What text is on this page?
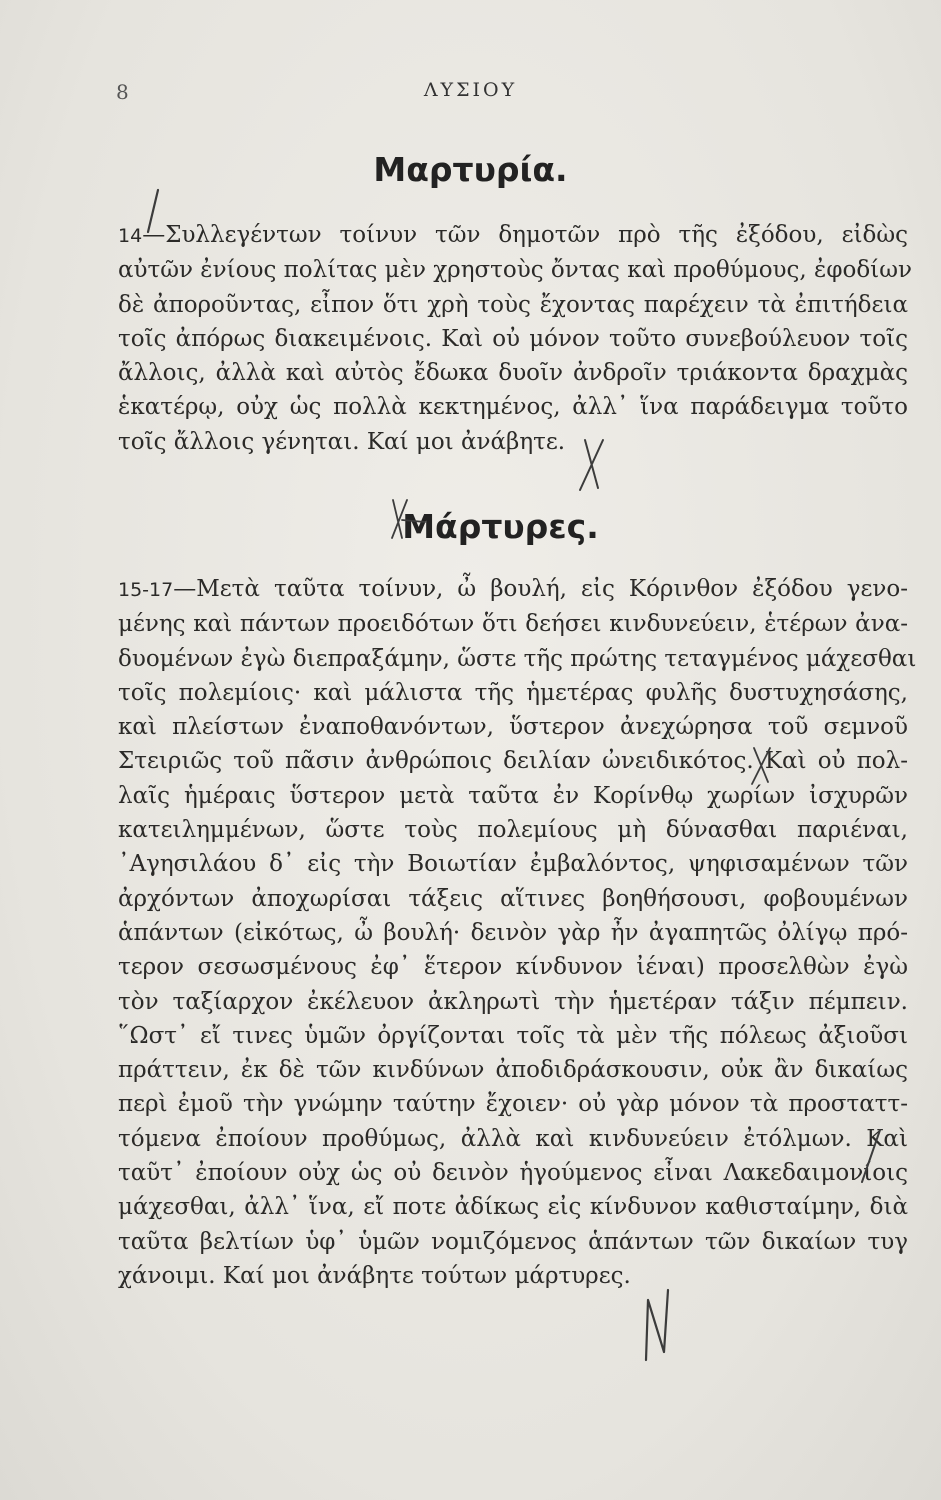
8	ΛΥΣΙΟΥ
Μαρτυρία.
14—Συλλεγέντων τοίνυν τῶν δημοτῶν πρὸ τῆς ἐξόδου, εἰδὼς
αὐτῶν ἐνίους πολίτας μὲν χρηστοὺς ὄντας καὶ προθύμους, ἐφοδίων
δὲ ἀποροῦντας, εἶπον ὅτι χρὴ τοὺς ἔχοντας παρέχειν τὰ ἐπιτήδεια
τοῖς ἀπόρως διακειμένοις. Καὶ οὐ μόνον τοῦτο συνεβούλευον τοῖς
ἄλλοις, ἀλλὰ καὶ αὐτὸς ἔδωκα δυοῖν ἀνδροῖν τριάκοντα δραχμὰς
ἑκατέρῳ, οὐχ ὡς πολλὰ κεκτημένος, ἀλλ᾽ ἵνα παράδειγμα τοῦτο
τοῖς ἄλλοις γένηται. Καί μοι ἀνάβητε.
Μάρτυρες.
15-17—Μετὰ ταῦτα τοίνυν, ὦ βουλή, εἰς Κόρινθον ἐξόδου γενο-
μένης καὶ πάντων προειδότων ὅτι δεήσει κινδυνεύειν, ἑτέρων ἀνα-
δυομένων ἐγὼ διεπραξάμην, ὥστε τῆς πρώτης τεταγμένος μάχεσθαι
τοῖς πολεμίοις· καὶ μάλιστα τῆς ἡμετέρας φυλῆς δυστυχησάσης,
καὶ πλείστων ἐναποθανόντων, ὕστερον ἀνεχώρησα τοῦ σεμνοῦ
Στειριῶς τοῦ πᾶσιν ἀνθρώποις δειλίαν ὠνειδικότος. Καὶ οὐ πολ-
λαῖς ἡμέραις ὕστερον μετὰ ταῦτα ἐν Κορίνθῳ χωρίων ἰσχυρῶν
κατειλημμένων, ὥστε τοὺς πολεμίους μὴ δύνασθαι παριέναι,
᾿Αγησιλάου δ᾽ εἰς τὴν Βοιωτίαν ἐμβαλόντος, ψηφισαμένων τῶν
ἀρχόντων ἀποχωρίσαι τάξεις αἵτινες βοηθήσουσι, φοβουμένων
ἁπάντων (εἰκότως, ὦ βουλή· δεινὸν γὰρ ἦν ἀγαπητῶς ὀλίγῳ πρό-
τερον σεσωσμένους ἐφ᾽ ἕτερον κίνδυνον ἰέναι) προσελθὼν ἐγὼ
τὸν ταξίαρχον ἐκέλευον ἀκληρωτὶ τὴν ἡμετέραν τάξιν πέμπειν.
῞Ωστ᾽ εἴ τινες ὑμῶν ὀργίζονται τοῖς τὰ μὲν τῆς πόλεως ἀξιοῦσι
πράττειν, ἐκ δὲ τῶν κινδύνων ἀποδιδράσκουσιν, οὐκ ἂν δικαίως
περὶ ἐμοῦ τὴν γνώμην ταύτην ἔχοιεν· οὐ γὰρ μόνον τὰ προσταττ-
τόμενα ἐποίουν προθύμως, ἀλλὰ καὶ κινδυνεύειν ἐτόλμων. Καὶ
ταῦτ᾽ ἐποίουν οὐχ ὡς οὐ δεινὸν ἡγούμενος εἶναι Λακεδαιμονίοις
μάχεσθαι, ἀλλ᾽ ἵνα, εἴ ποτε ἀδίκως εἰς κίνδυνον καθισταίμην, διὰ
ταῦτα βελτίων ὑφ᾽ ὑμῶν νομιζόμενος ἁπάντων τῶν δικαίων τυγ
χάνοιμι. Καί μοι ἀνάβητε τούτων μάρτυρες.
